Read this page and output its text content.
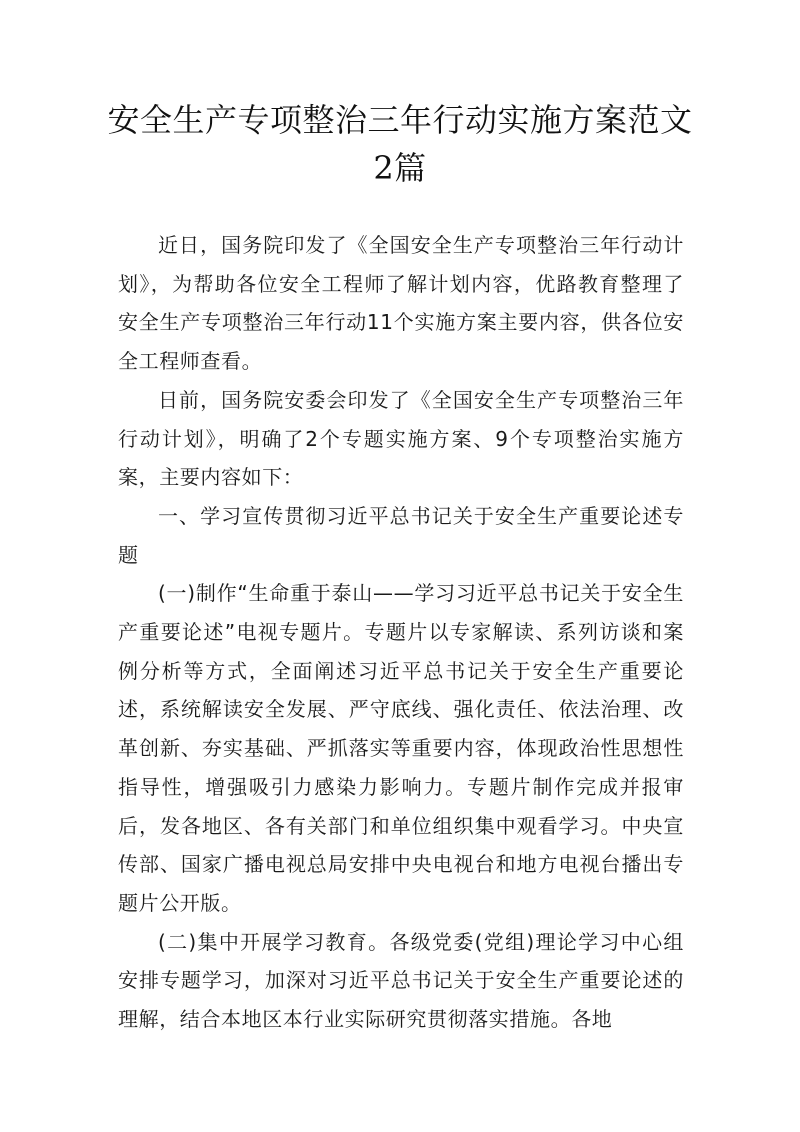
安全生产专项整治三年行动实施方案范文
2篇

近日，国务院印发了《全国安全生产专项整治三年行动计划》，为帮助各位安全工程师了解计划内容，优路教育整理了安全生产专项整治三年行动11个实施方案主要内容，供各位安全工程师查看。

日前，国务院安委会印发了《全国安全生产专项整治三年行动计划》，明确了2个专题实施方案、9个专项整治实施方案，主要内容如下：

一、学习宣传贯彻习近平总书记关于安全生产重要论述专题

(一)制作“生命重于泰山——学习习近平总书记关于安全生产重要论述”电视专题片。专题片以专家解读、系列访谈和案例分析等方式，全面阐述习近平总书记关于安全生产重要论述，系统解读安全发展、严守底线、强化责任、依法治理、改革创新、夯实基础、严抓落实等重要内容，体现政治性思想性指导性，增强吸引力感染力影响力。专题片制作完成并报审后，发各地区、各有关部门和单位组织集中观看学习。中央宣传部、国家广播电视总局安排中央电视台和地方电视台播出专题片公开版。

(二)集中开展学习教育。各级党委(党组)理论学习中心组安排专题学习，加深对习近平总书记关于安全生产重要论述的理解，结合本地区本行业实际研究贯彻落实措施。各地
